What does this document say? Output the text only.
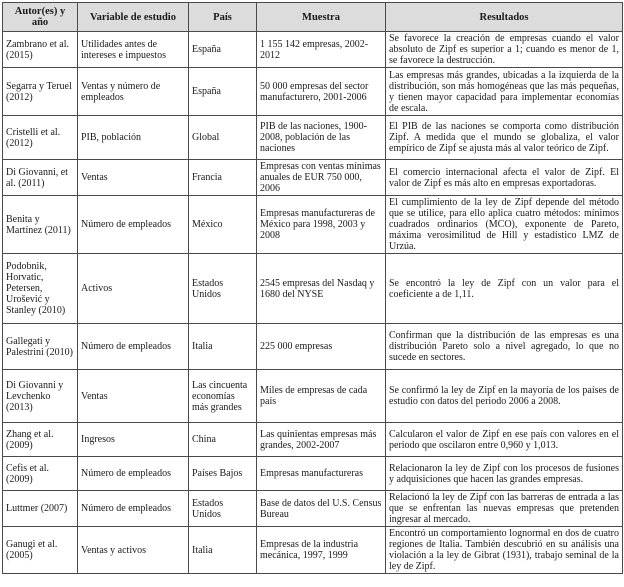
Autor(es) y año	Variable de estudio	País	Muestra	Resultados
Zambrano et al. (2015)	Utilidades antes de intereses e impuestos	España	1 155 142 empresas, 2002-2012	Se favorece la creación de empresas cuando el valor absoluto de Zipf es superior a 1; cuando es menor de 1, se favorece la destrucción.
Segarra y Teruel (2012)	Ventas y número de empleados	España	50 000 empresas del sector manufacturero, 2001-2006	Las empresas más grandes, ubicadas a la izquierda de la distribución, son más homogéneas que las más pequeñas, y tienen mayor capacidad para implementar economías de escala.
Cristelli et al. (2012)	PIB, población	Global	PIB de las naciones, 1900-2008, población de las naciones	El PIB de las naciones se comporta como distribución Zipf. A medida que el mundo se globaliza, el valor empírico de Zipf se ajusta más al valor teórico de Zipf.
Di Giovanni, et al. (2011)	Ventas	Francia	Empresas con ventas mínimas anuales de EUR 750 000, 2006	El comercio internacional afecta el valor de Zipf. El valor de Zipf es más alto en empresas exportadoras.
Benita y Martínez (2011)	Número de empleados	México	Empresas manufactureras de México para 1998, 2003 y 2008	El cumplimiento de la ley de Zipf depende del método que se utilice, para ello aplica cuatro métodos: mínimos cuadrados ordinarios (MCO), exponente de Pareto, máxima verosimilitud de Hill y estadístico LMZ de Urzúa.
Podobnik, Horvatic, Petersen, Urošević y Stanley (2010)	Activos	Estados Unidos	2545 empresas del Nasdaq y 1680 del NYSE	Se encontró la ley de Zipf con un valor para el coeficiente a de 1,11.
Gallegati y Palestrini (2010)	Número de empleados	Italia	225 000 empresas	Confirman que la distribución de las empresas es una distribución Pareto solo a nivel agregado, lo que no sucede en sectores.
Di Giovanni y Levchenko (2013)	Ventas	Las cincuenta economías más grandes	Miles de empresas de cada país	Se confirmó la ley de Zipf en la mayoría de los países de estudio con datos del periodo 2006 a 2008.
Zhang et al. (2009)	Ingresos	China	Las quinientas empresas más grandes, 2002-2007	Calcularon el valor de Zipf en ese país con valores en el periodo que oscilaron entre 0,960 y 1,013.
Cefis et al. (2009)	Número de empleados	Países Bajos	Empresas manufactureras	Relacionaron la ley de Zipf con los procesos de fusiones y adquisiciones que hacen las grandes empresas.
Luttmer (2007)	Número de empleados	Estados Unidos	Base de datos del U.S. Census Bureau	Relacionó la ley de Zipf con las barreras de entrada a las que se enfrentan las nuevas empresas que pretenden ingresar al mercado.
Ganugi et al. (2005)	Ventas y activos	Italia	Empresas de la industria mecánica, 1997, 1999	Encontró un comportamiento lognormal en dos de cuatro regiones de Italia. También descubrió en su análisis una violación a la ley de Gibrat (1931), trabajo seminal de la ley de Zipf.
